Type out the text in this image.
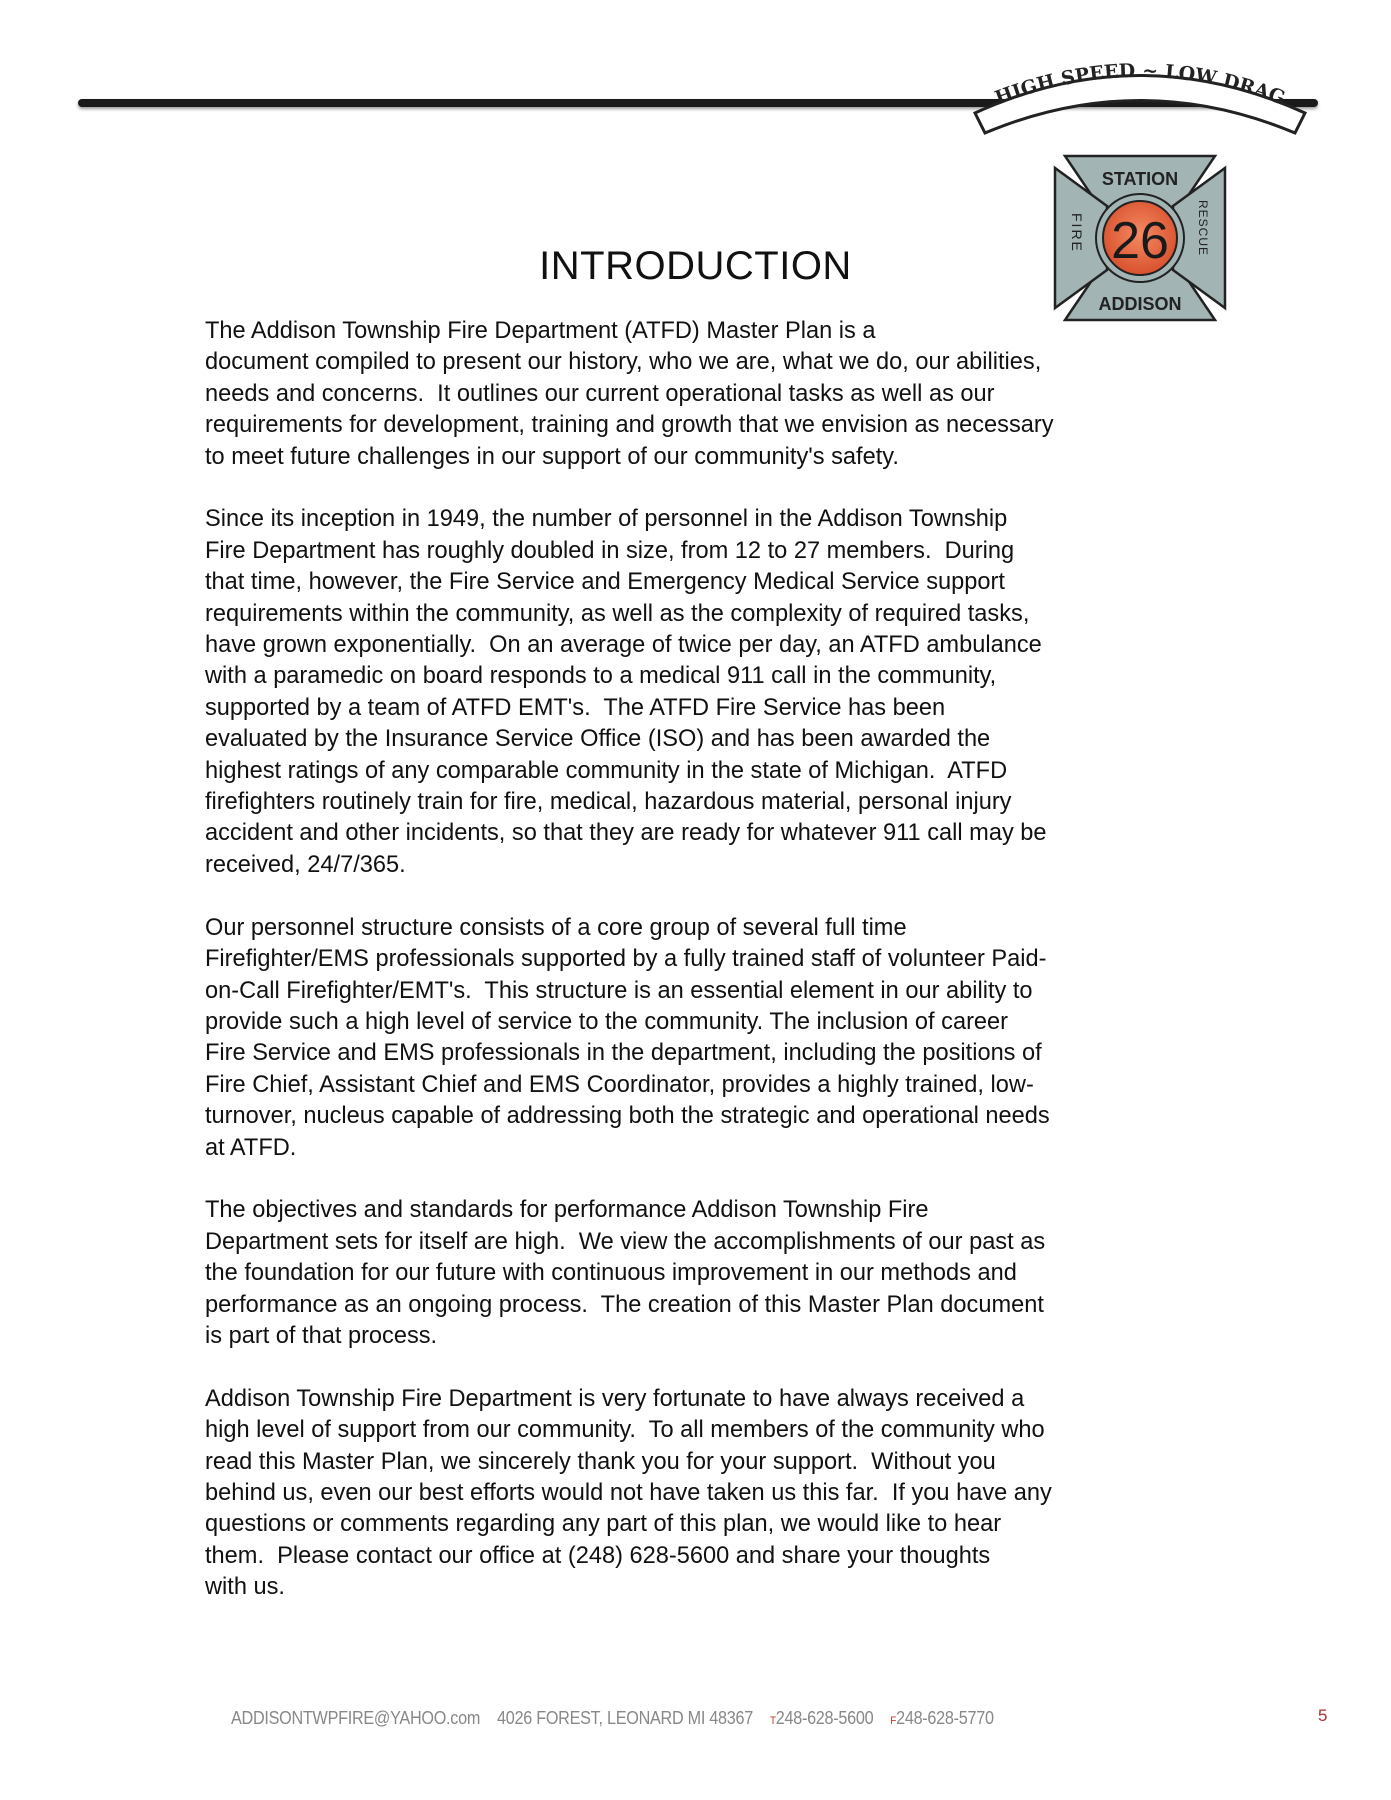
HIGH SPEED ~ LOW DRAG
26
STATION
ADDISON
FIRE	RESCUE
INTRODUCTION
The Addison Township Fire Department (ATFD) Master Plan is a
document compiled to present our history, who we are, what we do, our abilities,
needs and concerns.  It outlines our current operational tasks as well as our
requirements for development, training and growth that we envision as necessary
to meet future challenges in our support of our community's safety.
Since its inception in 1949, the number of personnel in the Addison Township
Fire Department has roughly doubled in size, from 12 to 27 members.  During
that time, however, the Fire Service and Emergency Medical Service support
requirements within the community, as well as the complexity of required tasks,
have grown exponentially.  On an average of twice per day, an ATFD ambulance
with a paramedic on board responds to a medical 911 call in the community,
supported by a team of ATFD EMT's.  The ATFD Fire Service has been
evaluated by the Insurance Service Office (ISO) and has been awarded the
highest ratings of any comparable community in the state of Michigan.  ATFD
firefighters routinely train for fire, medical, hazardous material, personal injury
accident and other incidents, so that they are ready for whatever 911 call may be
received, 24/7/365.
Our personnel structure consists of a core group of several full time
Firefighter/EMS professionals supported by a fully trained staff of volunteer Paid-
on-Call Firefighter/EMT's.  This structure is an essential element in our ability to
provide such a high level of service to the community. The inclusion of career
Fire Service and EMS professionals in the department, including the positions of
Fire Chief, Assistant Chief and EMS Coordinator, provides a highly trained, low-
turnover, nucleus capable of addressing both the strategic and operational needs
at ATFD.
The objectives and standards for performance Addison Township Fire
Department sets for itself are high.  We view the accomplishments of our past as
the foundation for our future with continuous improvement in our methods and
performance as an ongoing process.  The creation of this Master Plan document
is part of that process.
Addison Township Fire Department is very fortunate to have always received a
high level of support from our community.  To all members of the community who
read this Master Plan, we sincerely thank you for your support.  Without you
behind us, even our best efforts would not have taken us this far.  If you have any
questions or comments regarding any part of this plan, we would like to hear
them.  Please contact our office at (248) 628-5600 and share your thoughts
with us.
ADDISONTWPFIRE@YAHOO.com 4026 FOREST, LEONARD MI 48367 T248-628-5600 F248-628-5770	5
